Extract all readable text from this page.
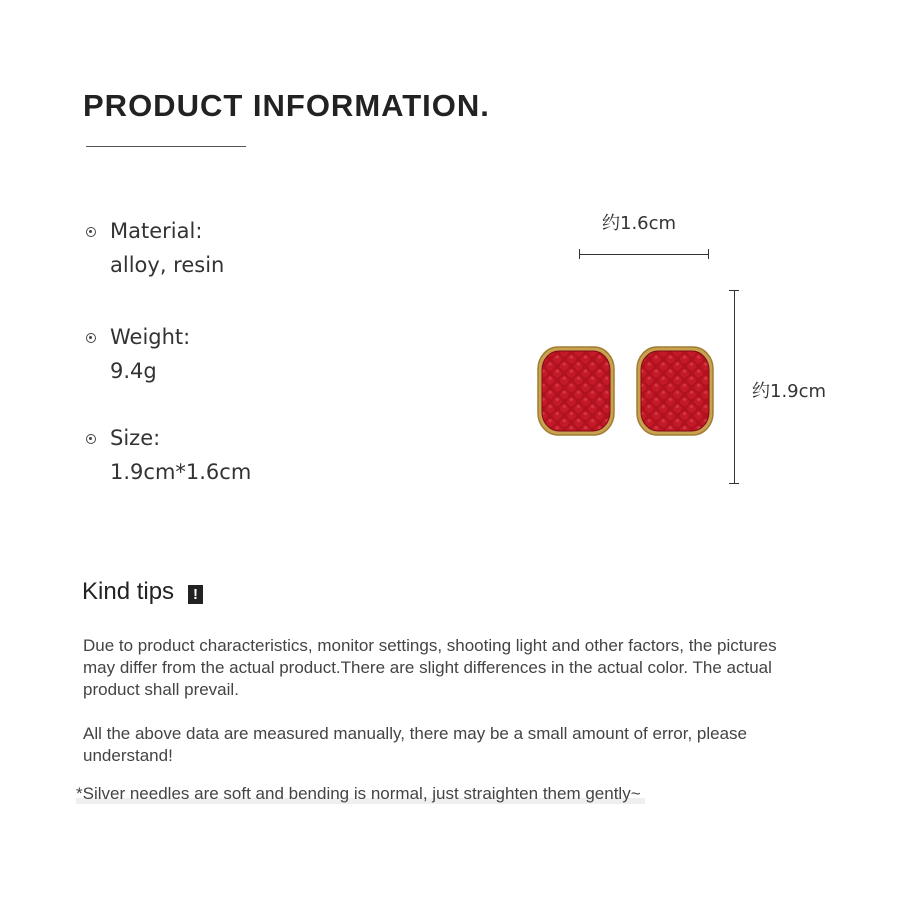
PRODUCT INFORMATION.
Material:
alloy, resin
Weight:
9.4g
Size:
1.9cm*1.6cm
约1.6cm
约1.9cm
Kind tips	!
Due to product characteristics, monitor settings, shooting light and other factors, the pictures may differ from the actual product.There are slight differences in the actual color. The actual product shall prevail.
All the above data are measured manually, there may be a small amount of error, please understand!
*Silver needles are soft and bending is normal, just straighten them gently~
